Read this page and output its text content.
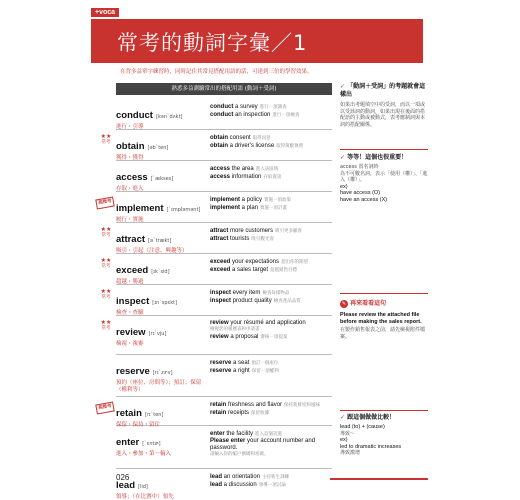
+voca
常考的動詞字彙／1
在背多益單字練習時，同時記住其常見搭配用語的話，可達到三倍的學習效果。
熟悉多益測驗常出的搭配用語 (動詞＋受詞)
conduct [kən`dʌkt]
進行・引導
conduct a survey 進行一項調查
conduct an inspection 進行一項檢查
★★
常考 obtain [əb`ten]
獲得・獲得
obtain consent 取得同意
obtain a driver's license 取得駕駛執照
access [`ækses]
存取・進入
access the area 進入該區域
access information 存取資訊
高頻考
implement [`ɪmpləmənt]
履行・實施
implement a policy 實施一項政策
implement a plan 實施一項計畫
★★
常考 attract [ə`trækt]
吸引・引起（注意、興趣等）
attract more customers 吸引更多顧客
attract tourists 吸引觀光客
★★
常考 exceed [ɪk`sid]
超越・勝過
exceed your expectations 超出你的期望
exceed a sales target 超越銷售目標
★★
常考 inspect [ɪn`spɛkt]
檢查・查驗
inspect every item 檢查每樣物品
inspect product quality 檢查產品品質
★★
常考 review [rɪ`vju]
檢視・複審
review your résumé and application
檢視您的履歷表和申請書
review a proposal 審核一項提案
reserve [rɪ`zɝv]
預約（座位、房間等）；預訂；保留（權利等）
reserve a seat 預訂一個座位
reserve a right 保留一項權利
高頻考
retain [rɪ`ten]
保留・保持・留住
retain freshness and flavor 保持新鮮度和風味
retain receipts 保留收據
enter [`ɛntɚ]
進入・參加・第～輸入
enter the facility 進入這個設施
Please enter your account number and password.
請輸入你的帳戶號碼和密碼。
lead [lid]
領導；（在比賽中）領先
lead an orientation 主持新生訓練
lead a discussion 領導一項討論
✓ 「動詞＋受詞」的考題就會這樣出
如果出考題填空中的受詞，而以一項或以受該詞的動詞，如果出現在後面的搭配語的主動或被動式，表考應制詞與本詞的搭配關係。
✓ 等等！這個也很重要！
access 當名詞時
為不可數名詞，表示「使用（權）」、「進入（權）」。
ex)
have access (O)
have an access (X)
✎ 再來看看這句
Please review the attached file before making the sales report.
在製作銷售報表之前，請先檢視附件檔案。
✓ 跟這個做做比較！
lead (to) + (cause)
導致～
ex)
led to dramatic increases
導致激增
026
